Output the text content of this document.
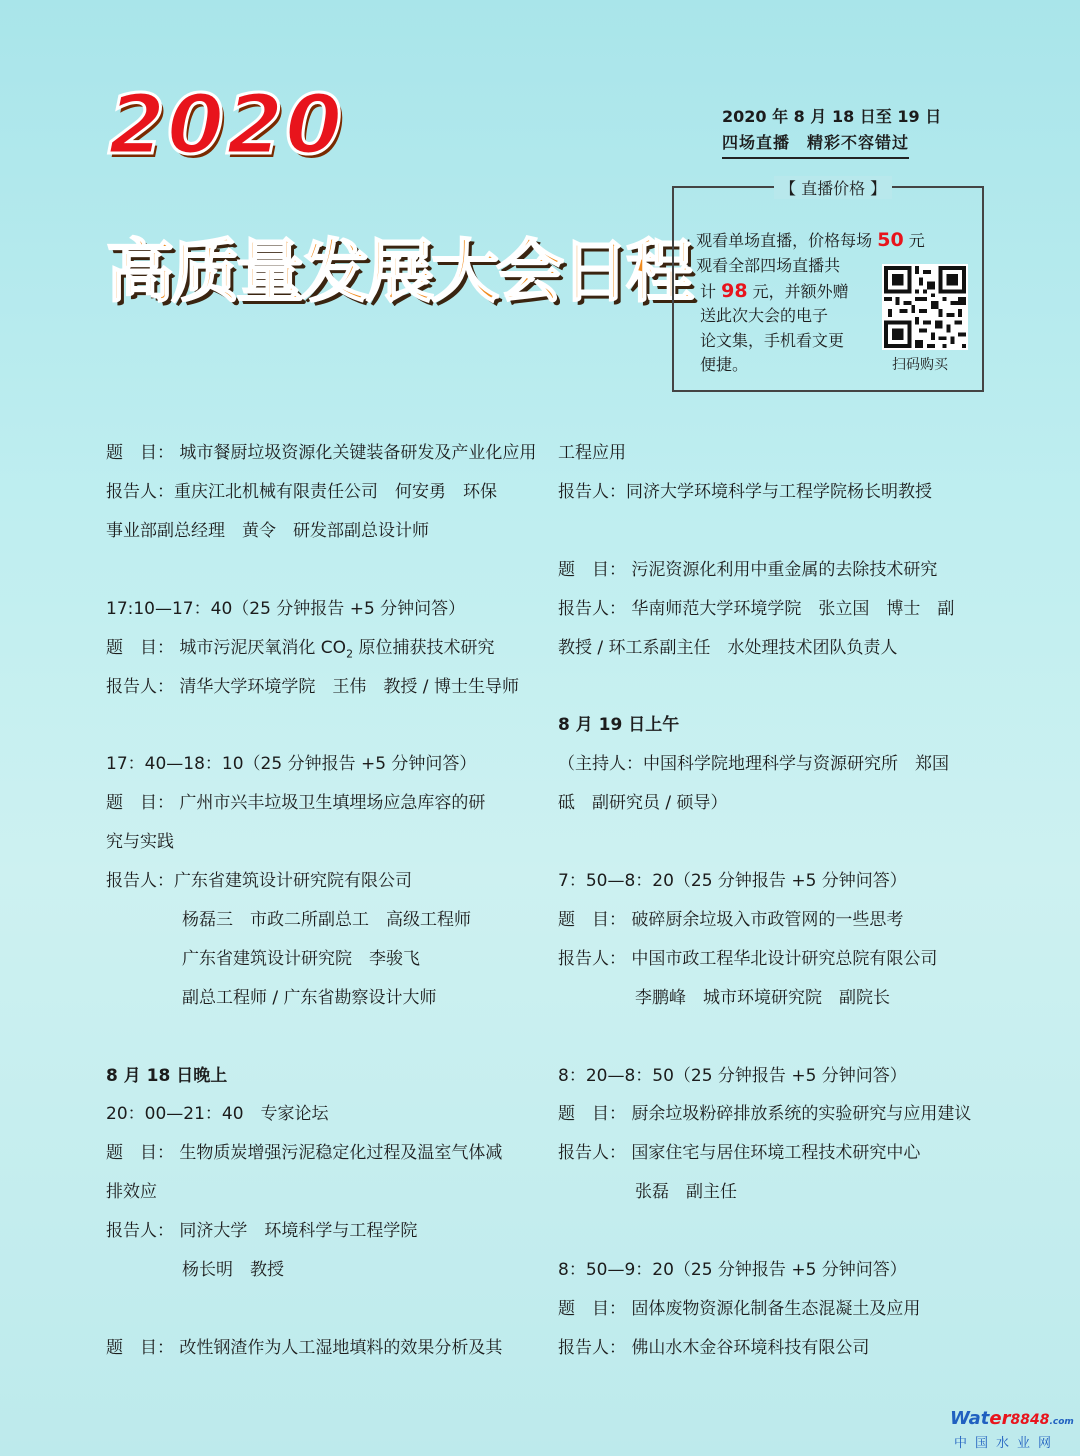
2020
高质量发展大会日程
2020 年 8 月 18 日至 19 日
四场直播　精彩不容错过
【 直播价格 】
· 观看单场直播，价格每场 50 元
· 观看全部四场直播共
计 98 元，并额外赠
送此次大会的电子
论文集，手机看文更
便捷。	扫码购买
题　目： 城市餐厨垃圾资源化关键装备研发及产业化应用
报告人：重庆江北机械有限责任公司　何安勇　环保
事业部副总经理　黄令　研发部副总设计师
17:10—17：40（25 分钟报告 +5 分钟问答）
题　目： 城市污泥厌氧消化 $CO_2$ 原位捕获技术研究
报告人： 清华大学环境学院　王伟　教授 / 博士生导师
17：40—18：10（25 分钟报告 +5 分钟问答）
题　目： 广州市兴丰垃圾卫生填埋场应急库容的研
究与实践
报告人：广东省建筑设计研究院有限公司
杨磊三　市政二所副总工　高级工程师
广东省建筑设计研究院　李骏飞
副总工程师 / 广东省勘察设计大师
8 月 18 日晚上
20：00—21：40　专家论坛
题　目： 生物质炭增强污泥稳定化过程及温室气体减
排效应
报告人： 同济大学　环境科学与工程学院
杨长明　教授
题　目： 改性钢渣作为人工湿地填料的效果分析及其
工程应用
报告人：同济大学环境科学与工程学院杨长明教授
题　目： 污泥资源化利用中重金属的去除技术研究
报告人： 华南师范大学环境学院　张立国　博士　副
教授 / 环工系副主任　水处理技术团队负责人
8 月 19 日上午
（主持人：中国科学院地理科学与资源研究所　郑国
砥　副研究员 / 硕导）
7：50—8：20（25 分钟报告 +5 分钟问答）
题　目： 破碎厨余垃圾入市政管网的一些思考
报告人： 中国市政工程华北设计研究总院有限公司
李鹏峰　城市环境研究院　副院长
8：20—8：50（25 分钟报告 +5 分钟问答）
题　目： 厨余垃圾粉碎排放系统的实验研究与应用建议
报告人： 国家住宅与居住环境工程技术研究中心
张磊　副主任
8：50—9：20（25 分钟报告 +5 分钟问答）
题　目： 固体废物资源化制备生态混凝土及应用
报告人： 佛山水木金谷环境科技有限公司
Water8848.com
中国水业网
